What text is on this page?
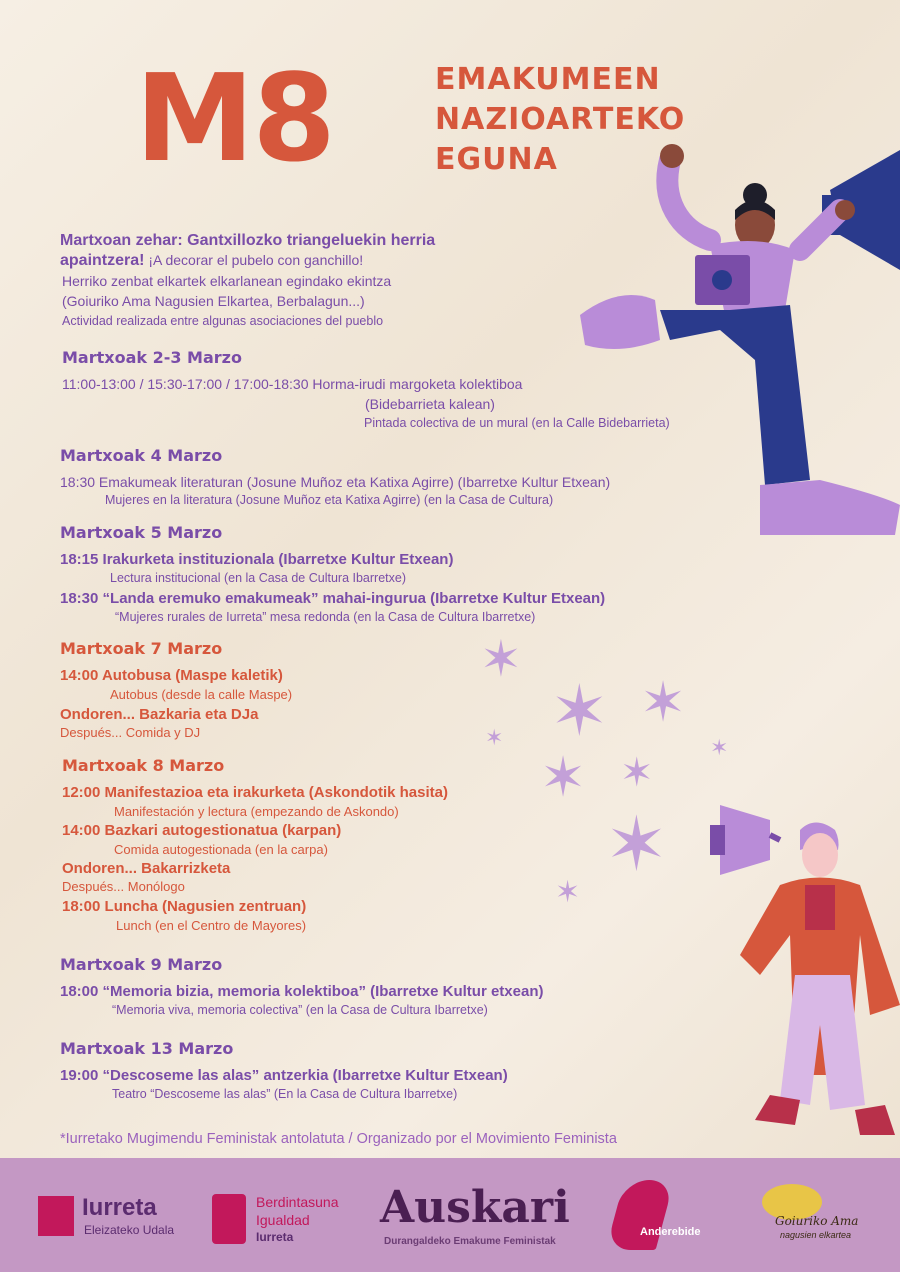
M8	EMAKUMEEN
NAZIOARTEKO
EGUNA
Martxoan zehar: Gantxillozko triangeluekin herria
apaintzera! ¡A decorar el pubelo con ganchillo!
Herriko zenbat elkartek elkarlanean egindako ekintza
(Goiuriko Ama Nagusien Elkartea, Berbalagun...)
Actividad realizada entre algunas asociaciones del pueblo
Martxoak 2-3 Marzo
11:00-13:00 / 15:30-17:00 / 17:00-18:30 Horma-irudi margoketa kolektiboa
(Bidebarrieta kalean)
Pintada colectiva de un mural (en la Calle Bidebarrieta)
Martxoak 4 Marzo
18:30 Emakumeak literaturan (Josune Muñoz eta Katixa Agirre) (Ibarretxe Kultur Etxean)
Mujeres en la literatura (Josune Muñoz eta Katixa Agirre) (en la Casa de Cultura)
Martxoak 5 Marzo
18:15 Irakurketa instituzionala (Ibarretxe Kultur Etxean)
Lectura institucional (en la Casa de Cultura Ibarretxe)
18:30 “Landa eremuko emakumeak” mahai-ingurua (Ibarretxe Kultur Etxean)
“Mujeres rurales de Iurreta” mesa redonda (en la Casa de Cultura Ibarretxe)
Martxoak 7 Marzo
14:00 Autobusa (Maspe kaletik)
Autobus (desde la calle Maspe)
Ondoren... Bazkaria eta DJa
Después... Comida y DJ
✶
✶ ✶
✶	✶
✶ ✶
✶
✶
Martxoak 8 Marzo
12:00 Manifestazioa eta irakurketa (Askondotik hasita)
Manifestación y lectura (empezando de Askondo)
14:00 Bazkari autogestionatua (karpan)
Comida autogestionada (en la carpa)
Ondoren... Bakarrizketa
Después... Monólogo
18:00 Luncha (Nagusien zentruan)
Lunch (en el Centro de Mayores)
Martxoak 9 Marzo
18:00 “Memoria bizia, memoria kolektiboa” (Ibarretxe Kultur etxean)
“Memoria viva, memoria colectiva” (en la Casa de Cultura Ibarretxe)
Martxoak 13 Marzo
19:00 “Descoseme las alas” antzerkia (Ibarretxe Kultur Etxean)
Teatro “Descoseme las alas” (En la Casa de Cultura Ibarretxe)
*Iurretako Mugimendu Feministak antolatuta / Organizado por el Movimiento Feminista
Iurreta
Eleizateko Udala
Berdintasuna
Igualdad
Iurreta
Auskari
Durangaldeko Emakume Feministak
Anderebide
Goiuriko Ama
nagusien elkartea
